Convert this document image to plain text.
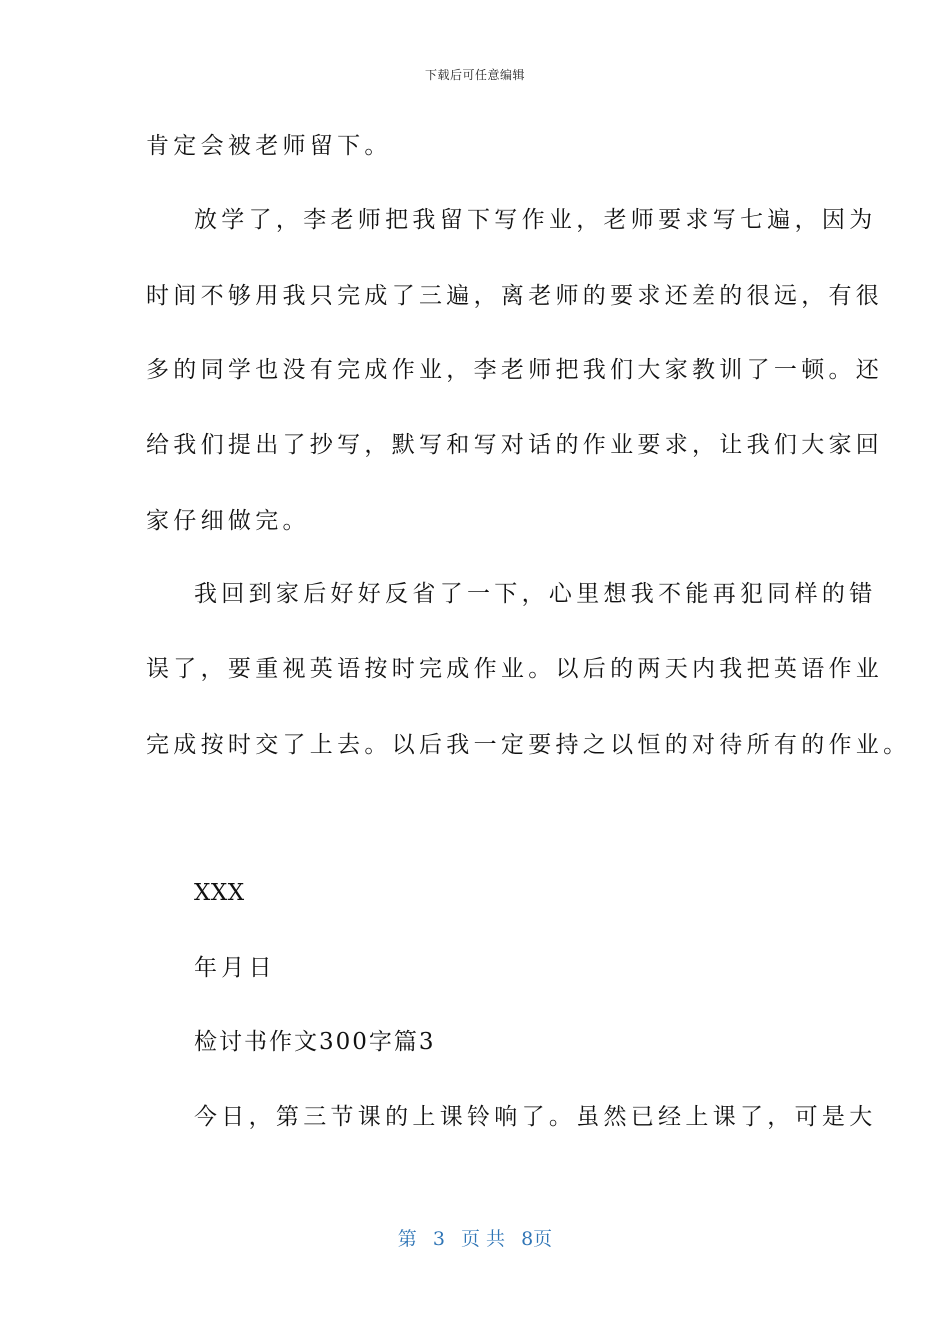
下载后可任意编辑
肯定会被老师留下。
放学了，李老师把我留下写作业，老师要求写七遍，因为
时间不够用我只完成了三遍，离老师的要求还差的很远，有很
多的同学也没有完成作业，李老师把我们大家教训了一顿。还
给我们提出了抄写，默写和写对话的作业要求，让我们大家回
家仔细做完。
我回到家后好好反省了一下，心里想我不能再犯同样的错
误了，要重视英语按时完成作业。以后的两天内我把英语作业
完成按时交了上去。以后我一定要持之以恒的对待所有的作业。
XXX
年月日
检讨书作文300字篇3
今日，第三节课的上课铃响了。虽然已经上课了，可是大
第 3 页 共 8页
